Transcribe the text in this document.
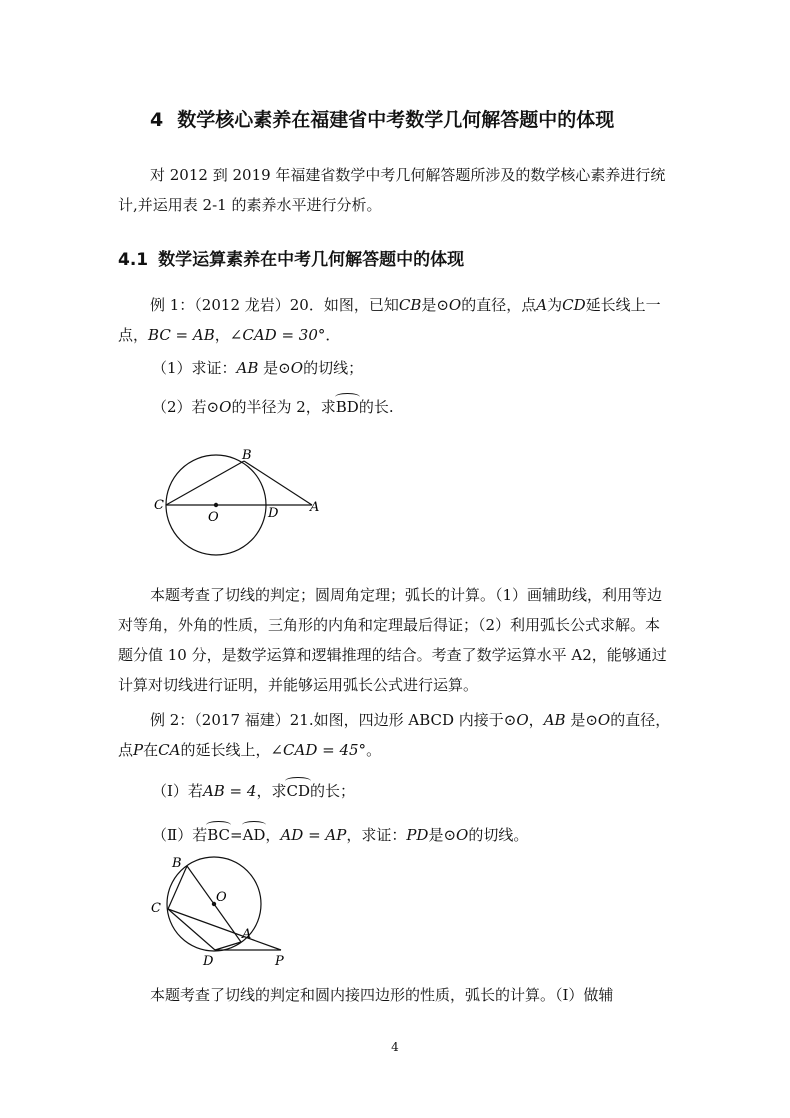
4 数学核心素养在福建省中考数学几何解答题中的体现

对 2012 到 2019 年福建省数学中考几何解答题所涉及的数学核心素养进行统计,并运用表 2-1 的素养水平进行分析。

4.1 数学运算素养在中考几何解答题中的体现

例 1：（2012 龙岩）20．如图，已知CB是⊙O的直径，点A为CD延长线上一点，BC = AB，∠CAD = 30°．

（1）求证：AB 是⊙O的切线；
（2）若⊙O的半径为 2，求BD的长.
B
C
O	D A

本题考查了切线的判定；圆周角定理；弧长的计算。（1）画辅助线，利用等边对等角，外角的性质，三角形的内角和定理最后得证；（2）利用弧长公式求解。本题分值 10 分，是数学运算和逻辑推理的结合。考查了数学运算水平 A2，能够通过计算对切线进行证明，并能够运用弧长公式进行运算。

例 2：（2017 福建）21.如图，四边形 ABCD 内接于⊙O，AB 是⊙O的直径，点P在CA的延长线上，∠CAD = 45°。

（Ⅰ）若AB = 4，求CD的长；
（Ⅱ）若BC=AD，AD = AP，求证：PD是⊙O的切线。
B
O
C
A
D	P

本题考查了切线的判定和圆内接四边形的性质，弧长的计算。（Ⅰ）做辅

4
